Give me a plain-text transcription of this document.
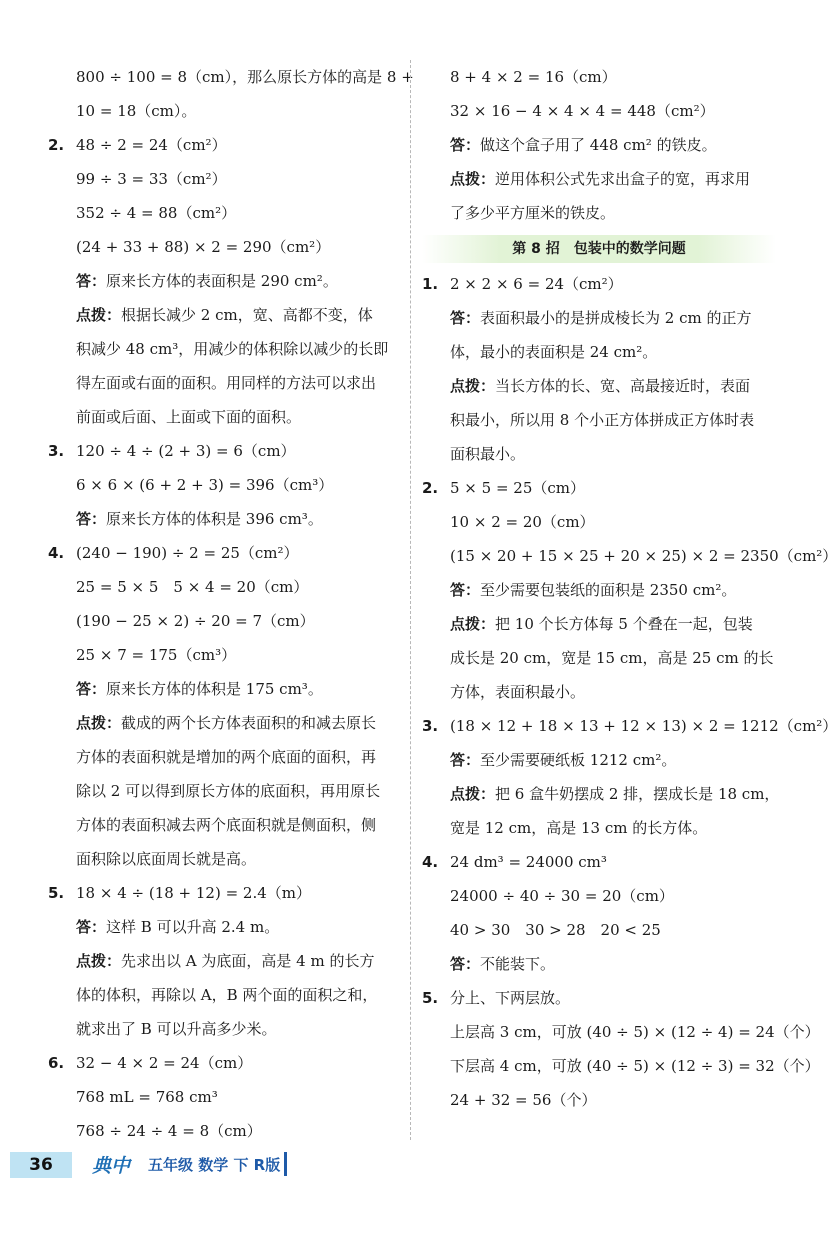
800 ÷ 100 = 8（cm），那么原长方体的高是 8 +
10 = 18（cm）。
2. 48 ÷ 2 = 24（cm²）
99 ÷ 3 = 33（cm²）
352 ÷ 4 = 88（cm²）
(24 + 33 + 88) × 2 = 290（cm²）
答：原来长方体的表面积是 290 cm²。
点拨：根据长减少 2 cm，宽、高都不变，体
积减少 48 cm³，用减少的体积除以减少的长即
得左面或右面的面积。用同样的方法可以求出
前面或后面、上面或下面的面积。
3. 120 ÷ 4 ÷ (2 + 3) = 6（cm）
6 × 6 × (6 + 2 + 3) = 396（cm³）
答：原来长方体的体积是 396 cm³。
4. (240 − 190) ÷ 2 = 25（cm²）
25 = 5 × 5　5 × 4 = 20（cm）
(190 − 25 × 2) ÷ 20 = 7（cm）
25 × 7 = 175（cm³）
答：原来长方体的体积是 175 cm³。
点拨：截成的两个长方体表面积的和减去原长
方体的表面积就是增加的两个底面的面积，再
除以 2 可以得到原长方体的底面积，再用原长
方体的表面积减去两个底面积就是侧面积，侧
面积除以底面周长就是高。
5. 18 × 4 ÷ (18 + 12) = 2.4（m）
答：这样 B 可以升高 2.4 m。
点拨：先求出以 A 为底面，高是 4 m 的长方
体的体积，再除以 A，B 两个面的面积之和，
就求出了 B 可以升高多少米。
6. 32 − 4 × 2 = 24（cm）
768 mL = 768 cm³
768 ÷ 24 ÷ 4 = 8（cm）
8 + 4 × 2 = 16（cm）
32 × 16 − 4 × 4 × 4 = 448（cm²）
答：做这个盒子用了 448 cm² 的铁皮。
点拨：逆用体积公式先求出盒子的宽，再求用
了多少平方厘米的铁皮。
第 8 招　包装中的数学问题
1. 2 × 2 × 6 = 24（cm²）
答：表面积最小的是拼成棱长为 2 cm 的正方
体，最小的表面积是 24 cm²。
点拨：当长方体的长、宽、高最接近时，表面
积最小，所以用 8 个小正方体拼成正方体时表
面积最小。
2. 5 × 5 = 25（cm）
10 × 2 = 20（cm）
(15 × 20 + 15 × 25 + 20 × 25) × 2 = 2350（cm²）
答：至少需要包装纸的面积是 2350 cm²。
点拨：把 10 个长方体每 5 个叠在一起，包装
成长是 20 cm，宽是 15 cm，高是 25 cm 的长
方体，表面积最小。
3. (18 × 12 + 18 × 13 + 12 × 13) × 2 = 1212（cm²）
答：至少需要硬纸板 1212 cm²。
点拨：把 6 盒牛奶摆成 2 排，摆成长是 18 cm，
宽是 12 cm，高是 13 cm 的长方体。
4. 24 dm³ = 24000 cm³
24000 ÷ 40 ÷ 30 = 20（cm）
40 > 30　30 > 28　20 < 25
答：不能装下。
5. 分上、下两层放。
上层高 3 cm，可放 (40 ÷ 5) × (12 ÷ 4) = 24（个）
下层高 4 cm，可放 (40 ÷ 5) × (12 ÷ 3) = 32（个）
24 + 32 = 56（个）
36	典中 五年级 数学 下 R版
